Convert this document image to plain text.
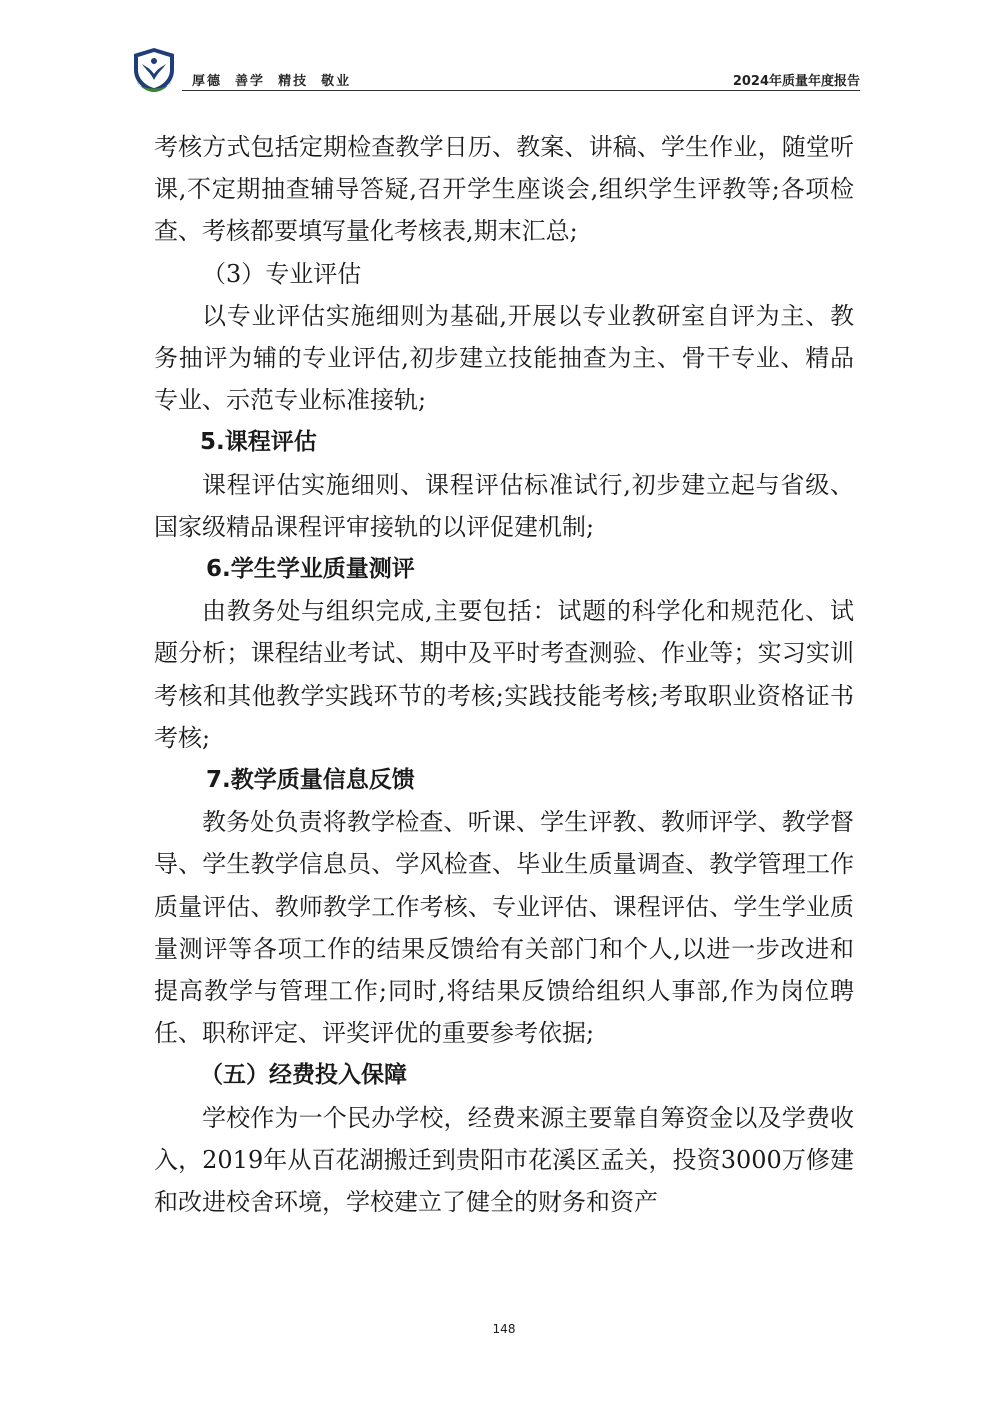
厚德  善学  精技  敬业	2024年质量年度报告

考核方式包括定期检查教学日历、教案、讲稿、学生作业，随堂听课,不定期抽查辅导答疑,召开学生座谈会,组织学生评教等;各项检查、考核都要填写量化考核表,期末汇总;

（3）专业评估

以专业评估实施细则为基础,开展以专业教研室自评为主、教务抽评为辅的专业评估,初步建立技能抽查为主、骨干专业、精品专业、示范专业标准接轨;

5.课程评估

课程评估实施细则、课程评估标准试行,初步建立起与省级、国家级精品课程评审接轨的以评促建机制;

6.学生学业质量测评

由教务处与组织完成,主要包括：试题的科学化和规范化、试题分析；课程结业考试、期中及平时考查测验、作业等；实习实训考核和其他教学实践环节的考核;实践技能考核;考取职业资格证书考核;

7.教学质量信息反馈

教务处负责将教学检查、听课、学生评教、教师评学、教学督导、学生教学信息员、学风检查、毕业生质量调查、教学管理工作质量评估、教师教学工作考核、专业评估、课程评估、学生学业质量测评等各项工作的结果反馈给有关部门和个人,以进一步改进和提高教学与管理工作;同时,将结果反馈给组织人事部,作为岗位聘任、职称评定、评奖评优的重要参考依据;

（五）经费投入保障

学校作为一个民办学校，经费来源主要靠自筹资金以及学费收入，2019年从百花湖搬迁到贵阳市花溪区孟关，投资3000万修建和改进校舍环境，学校建立了健全的财务和资产

148
